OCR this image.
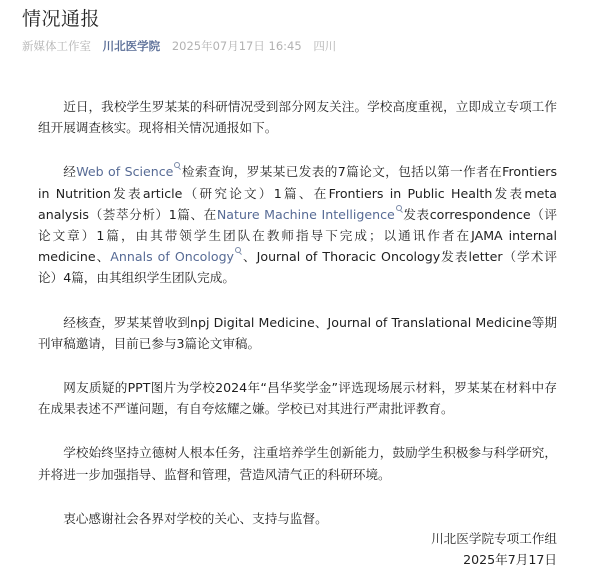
情况通报
新媒体工作室 川北医学院 2025年07月17日 16:45 四川

近日，我校学生罗某某的科研情况受到部分网友关注。学校高度重视，立即成立专项工作组开展调查核实。现将相关情况通报如下。

经Web of Science 检索查询，罗某某已发表的7篇论文，包括以第一作者在Frontiers in Nutrition发表article（研究论文）1篇、在Frontiers in Public Health发表meta analysis（荟萃分析）1篇、在Nature Machine Intelligence 发表correspondence（评论文章）1篇，由其带领学生团队在教师指导下完成；以通讯作者在JAMA internal medicine、Annals of Oncology 、Journal of Thoracic Oncology发表letter（学术评论）4篇，由其组织学生团队完成。

经核查，罗某某曾收到npj Digital Medicine、Journal of Translational Medicine等期刊审稿邀请，目前已参与3篇论文审稿。

网友质疑的PPT图片为学校2024年“昌华奖学金”评选现场展示材料，罗某某在材料中存在成果表述不严谨问题，有自夸炫耀之嫌。学校已对其进行严肃批评教育。

学校始终坚持立德树人根本任务，注重培养学生创新能力，鼓励学生积极参与科学研究，并将进一步加强指导、监督和管理，营造风清气正的科研环境。

衷心感谢社会各界对学校的关心、支持与监督。

川北医学院专项工作组
2025年7月17日
